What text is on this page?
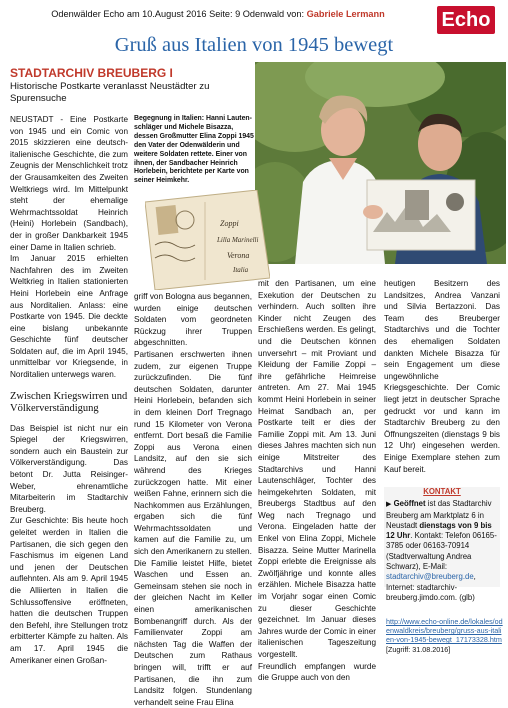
Odenwälder Echo am 10.August 2016 Seite: 9 Odenwald von: Gabriele Lermann	Echo
Gruß aus Italien von 1945 bewegt
STADTARCHIV BREUBERG I
Historische Postkarte veranlasst Neustädter zu Spurensuche
Begegnung in Italien: Hanni Lauten-schläger und Michele Bisazza, dessen Großmutter Elina Zoppi 1945 den Vater der Odenwälderin und weitere Soldaten rettete. Einer von ihnen, der Sandbacher Heinrich Horlebein, berichtete per Karte von seiner Heimkehr.
Zoppi
Lilla Marinelli
Verona
Italia

NEUSTADT - Eine Postkarte von 1945 und ein Comic von 2015 skizzieren eine deutsch-italienische Geschichte, die zum Zeugnis der Menschlichkeit trotz der Grausamkeiten des Zweiten Weltkriegs wird. Im Mittelpunkt steht der ehemalige Wehrmachtssoldat Heinrich (Heini) Horlebein (Sandbach), der in großer Dankbarkeit 1945 einer Dame in Italien schrieb.

Im Januar 2015 erhielten Nachfahren des im Zweiten Weltkrieg in Italien stationierten Heini Horlebein eine Anfrage aus Norditalien. Anlass: eine Postkarte von 1945. Die deckte eine bislang unbekannte Geschichte fünf deutscher Soldaten auf, die im April 1945, unmittelbar vor Kriegsende, in Norditalien unterwegs waren.

Zwischen Kriegswirren und Völkerverständigung

Das Beispiel ist nicht nur ein Spiegel der Kriegswirren, sondern auch ein Baustein zur Völkerverständigung. Das betont Dr. Jutta Reisinger-Weber, ehrenamtliche Mitarbeiterin im Stadtarchiv Breuberg.

Zur Geschichte: Bis heute hoch geleitet werden in Italien die Partisanen, die sich gegen den Faschismus im eigenen Land und jenen der Deutschen auflehnten. Als am 9. April 1945 die Alliierten in Italien die Schlussoffensive eröffneten, hatten die deutschen Truppen den Befehl, ihre Stellungen trotz erbitterter Kämpfe zu halten. Als am 17. April 1945 die Amerikaner einen Großan-

griff von Bologna aus begannen, wurden einige deutschen Soldaten vom geordneten Rückzug ihrer Truppen abgeschnitten.

Partisanen erschwerten ihnen zudem, zur eigenen Truppe zurückzufinden. Die fünf deutschen Soldaten, darunter Heini Horlebein, befanden sich in dem kleinen Dorf Tregnago rund 15 Kilometer von Verona entfernt. Dort besaß die Familie Zoppi aus Verona einen Landsitz, auf den sie sich während des Krieges zurückzogen hatte. Mit einer weißen Fahne, erinnern sich die Nachkommen aus Erzählungen, ergaben sich die fünf Wehrmachtssoldaten und kamen auf die Familie zu, um sich den Amerikanern zu stellen.

Die Familie leistet Hilfe, bietet Waschen und Essen an. Gemeinsam stehen sie noch in der gleichen Nacht im Keller einen amerikanischen Bombenangriff durch. Als der Familienvater Zoppi am nächsten Tag die Waffen der Deutschen zum Rathaus bringen will, trifft er auf Partisanen, die ihn zum Landsitz folgen. Stundenlang verhandelt seine Frau Elina

mit den Partisanen, um eine Exekution der Deutschen zu verhindern. Auch sollten ihre Kinder nicht Zeugen des Erschießens werden. Es gelingt, und die Deutschen können unversehrt – mit Proviant und Kleidung der Familie Zoppi – ihre gefährliche Heimreise antreten. Am 27. Mai 1945 kommt Heini Horlebein in seiner Heimat Sandbach an, per Postkarte teilt er dies der Familie Zoppi mit. Am 13. Juni dieses Jahres machten sich nun einige Mitstreiter des Stadtarchivs und Hanni Lautenschläger, Tochter des heimgekehrten Soldaten, mit Breubergs Stadtbus auf den Weg nach Tregnago und Verona. Eingeladen hatte der Enkel von Elina Zoppi, Michele Bisazza. Seine Mutter Marinella Zoppi erlebte die Ereignisse als Zwölfjährige und konnte alles erzählen. Michele Bisazza hatte im Vorjahr sogar einen Comic zu dieser Geschichte gezeichnet. Im Januar dieses Jahres wurde der Comic in einer italienischen Tageszeitung vorgestellt.

Freundlich empfangen wurde die Gruppe auch von den

heutigen Besitzern des Landsitzes, Andrea Vanzani und Silvia Bertazzoni. Das Team des Breuberger Stadtarchivs und die Tochter des ehemaligen Soldaten dankten Michele Bisazza für sein Engagement um diese ungewöhnliche Kriegsgeschichte. Der Comic liegt jetzt in deutscher Sprache gedruckt vor und kann im Stadtarchiv Breuberg zu den Öffnungszeiten (dienstags 9 bis 12 Uhr) eingesehen werden. Einige Exemplare stehen zum Kauf bereit.

KONTAKT
▶ Geöffnet ist das Stadtarchiv Breuberg am Marktplatz 6 in Neustadt dienstags von 9 bis 12 Uhr. Kontakt: Telefon 06165-3785 oder 06163-70914 (Stadtverwaltung Andrea Schwarz), E-Mail: stadtarchiv@breuberg.de, Internet: stadtarchiv-breuberg.jimdo.com. (glb)
http://www.echo-online.de/lokales/odenwaldkreis/breuberg/gruss-aus-italien-von-1945-bewegt_17173328.htm [Zugriff: 31.08.2016]
